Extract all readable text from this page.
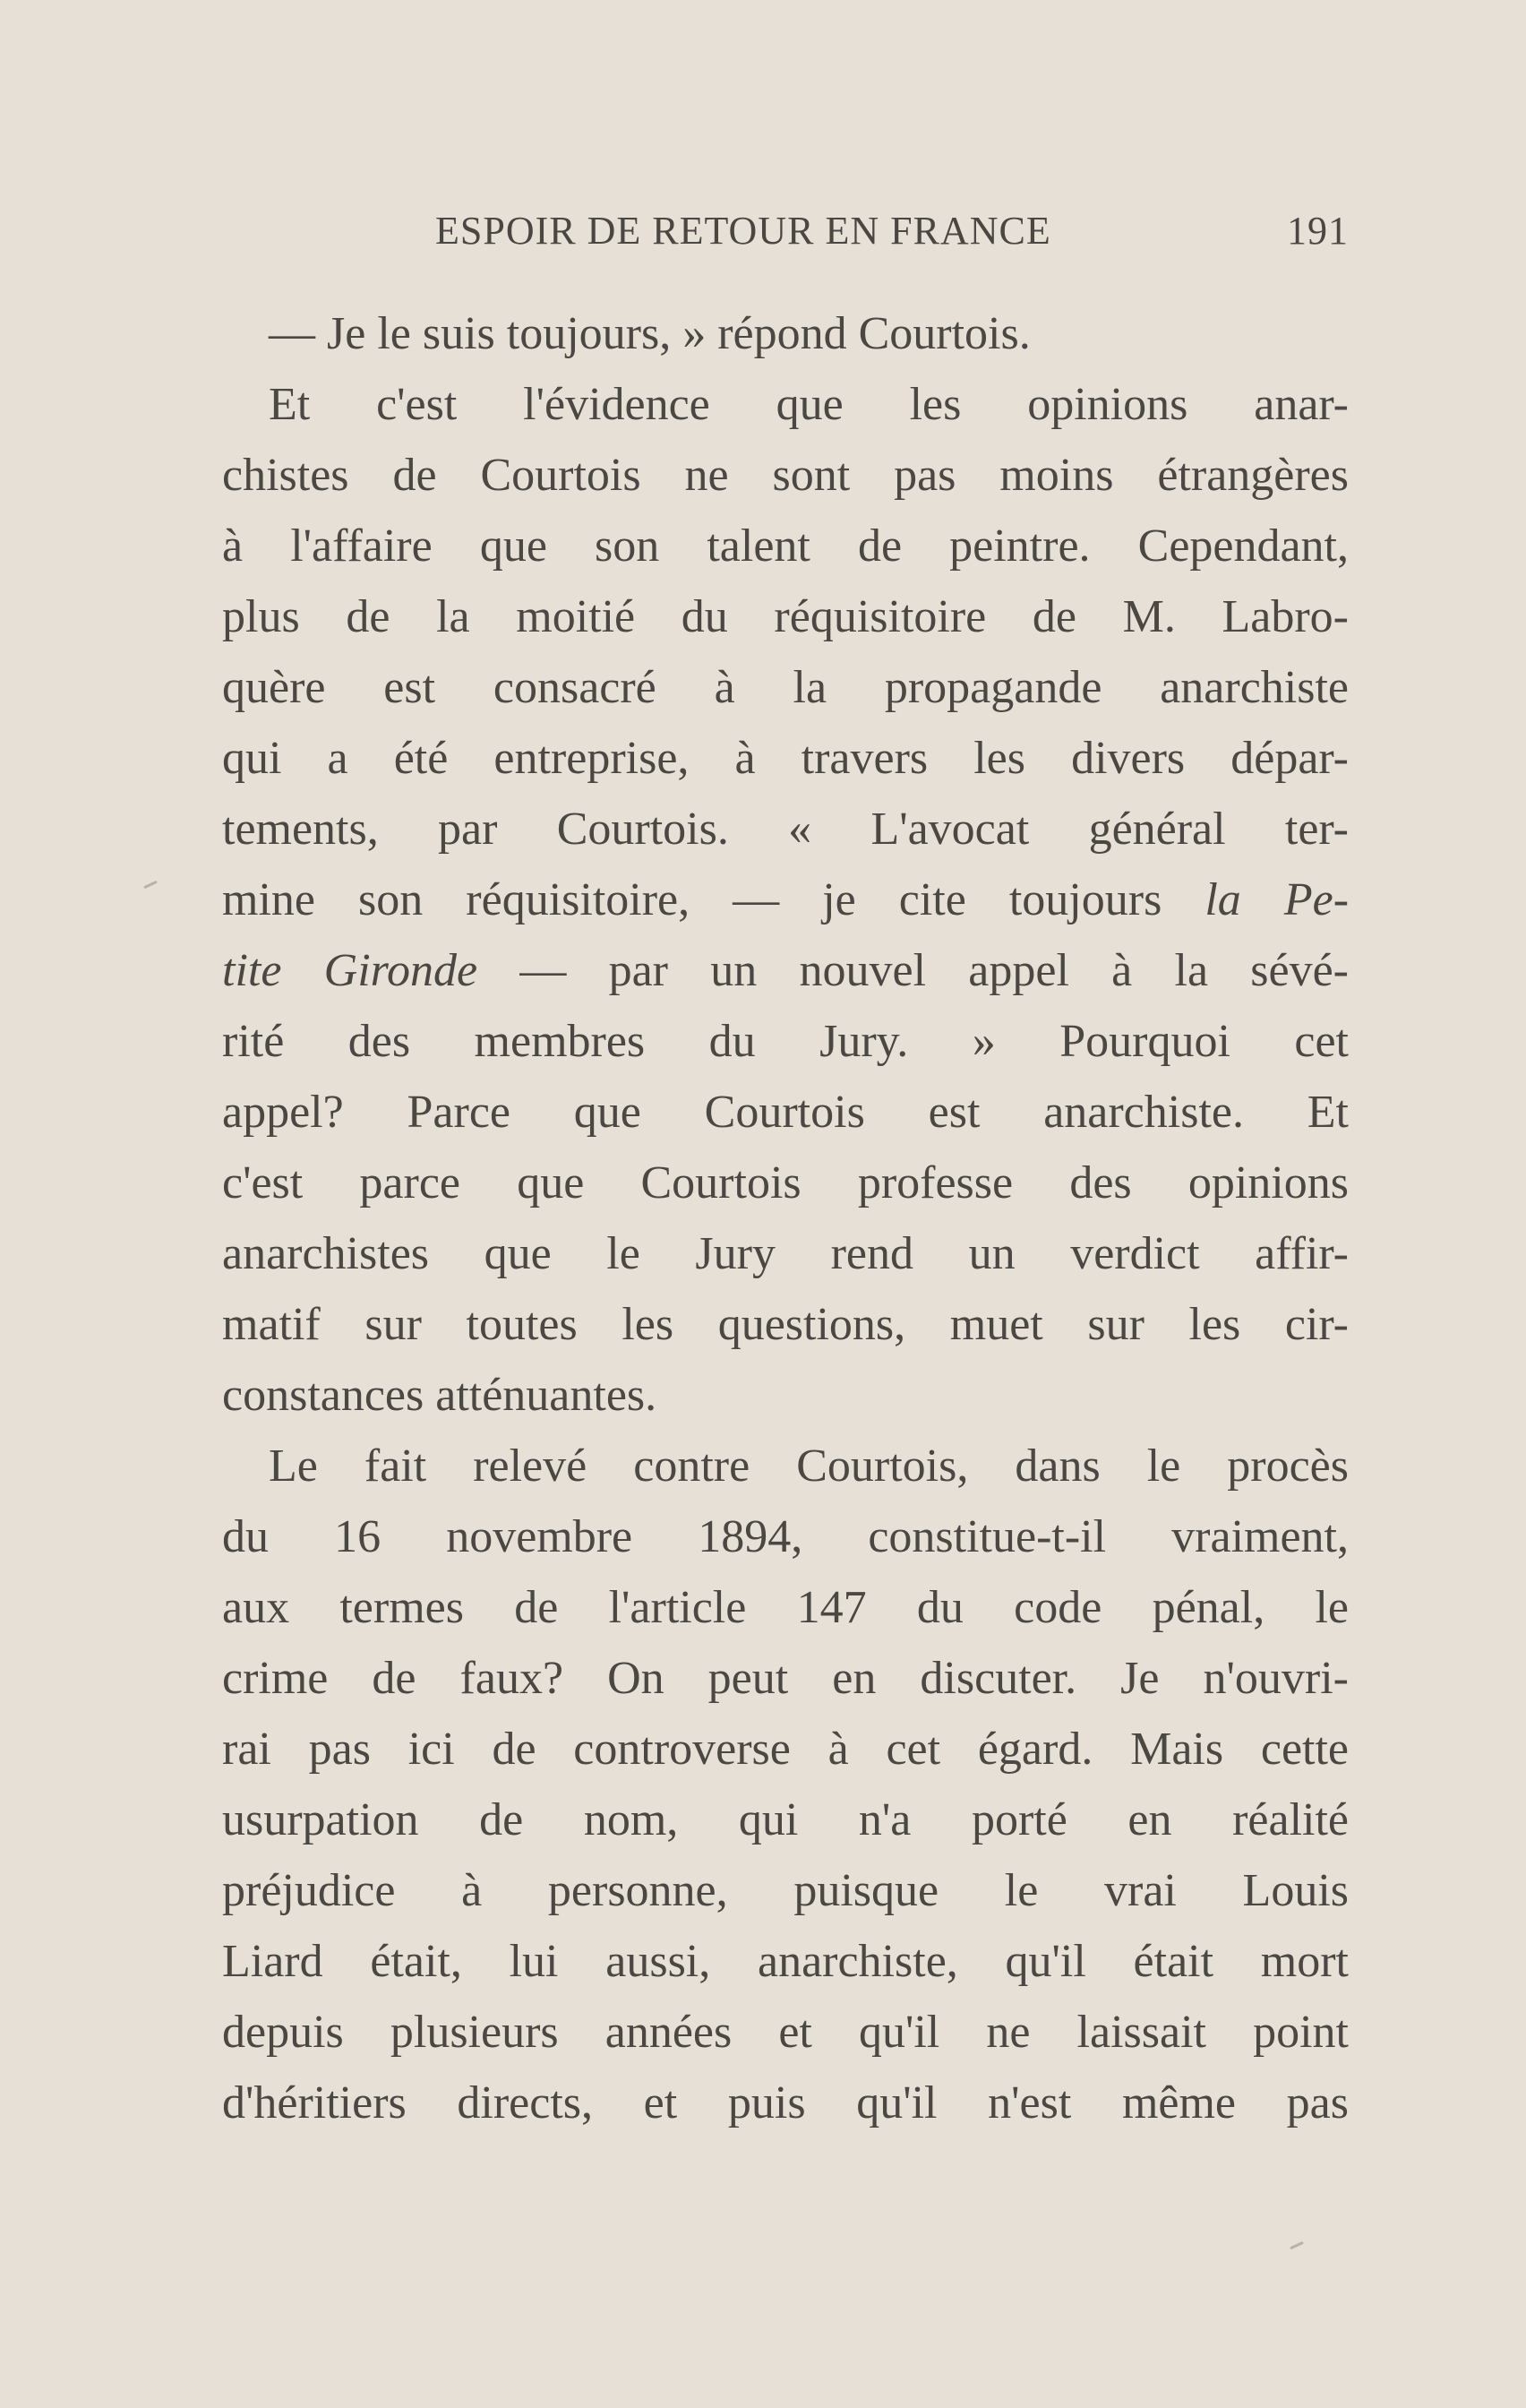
ESPOIR DE RETOUR EN FRANCE	191
— Je le suis toujours, » répond Courtois.
Et c'est l'évidence que les opinions anar-
chistes de Courtois ne sont pas moins étrangères
à l'affaire que son talent de peintre. Cependant,
plus de la moitié du réquisitoire de M. Labro-
quère est consacré à la propagande anarchiste
qui a été entreprise, à travers les divers dépar-
tements, par Courtois. « L'avocat général ter-
mine son réquisitoire, — je cite toujours la Pe-
tite Gironde — par un nouvel appel à la sévé-
rité des membres du Jury. » Pourquoi cet
appel? Parce que Courtois est anarchiste. Et
c'est parce que Courtois professe des opinions
anarchistes que le Jury rend un verdict affir-
matif sur toutes les questions, muet sur les cir-
constances atténuantes.
Le fait relevé contre Courtois, dans le procès
du 16 novembre 1894, constitue-t-il vraiment,
aux termes de l'article 147 du code pénal, le
crime de faux? On peut en discuter. Je n'ouvri-
rai pas ici de controverse à cet égard. Mais cette
usurpation de nom, qui n'a porté en réalité
préjudice à personne, puisque le vrai Louis
Liard était, lui aussi, anarchiste, qu'il était mort
depuis plusieurs années et qu'il ne laissait point
d'héritiers directs, et puis qu'il n'est même pas
